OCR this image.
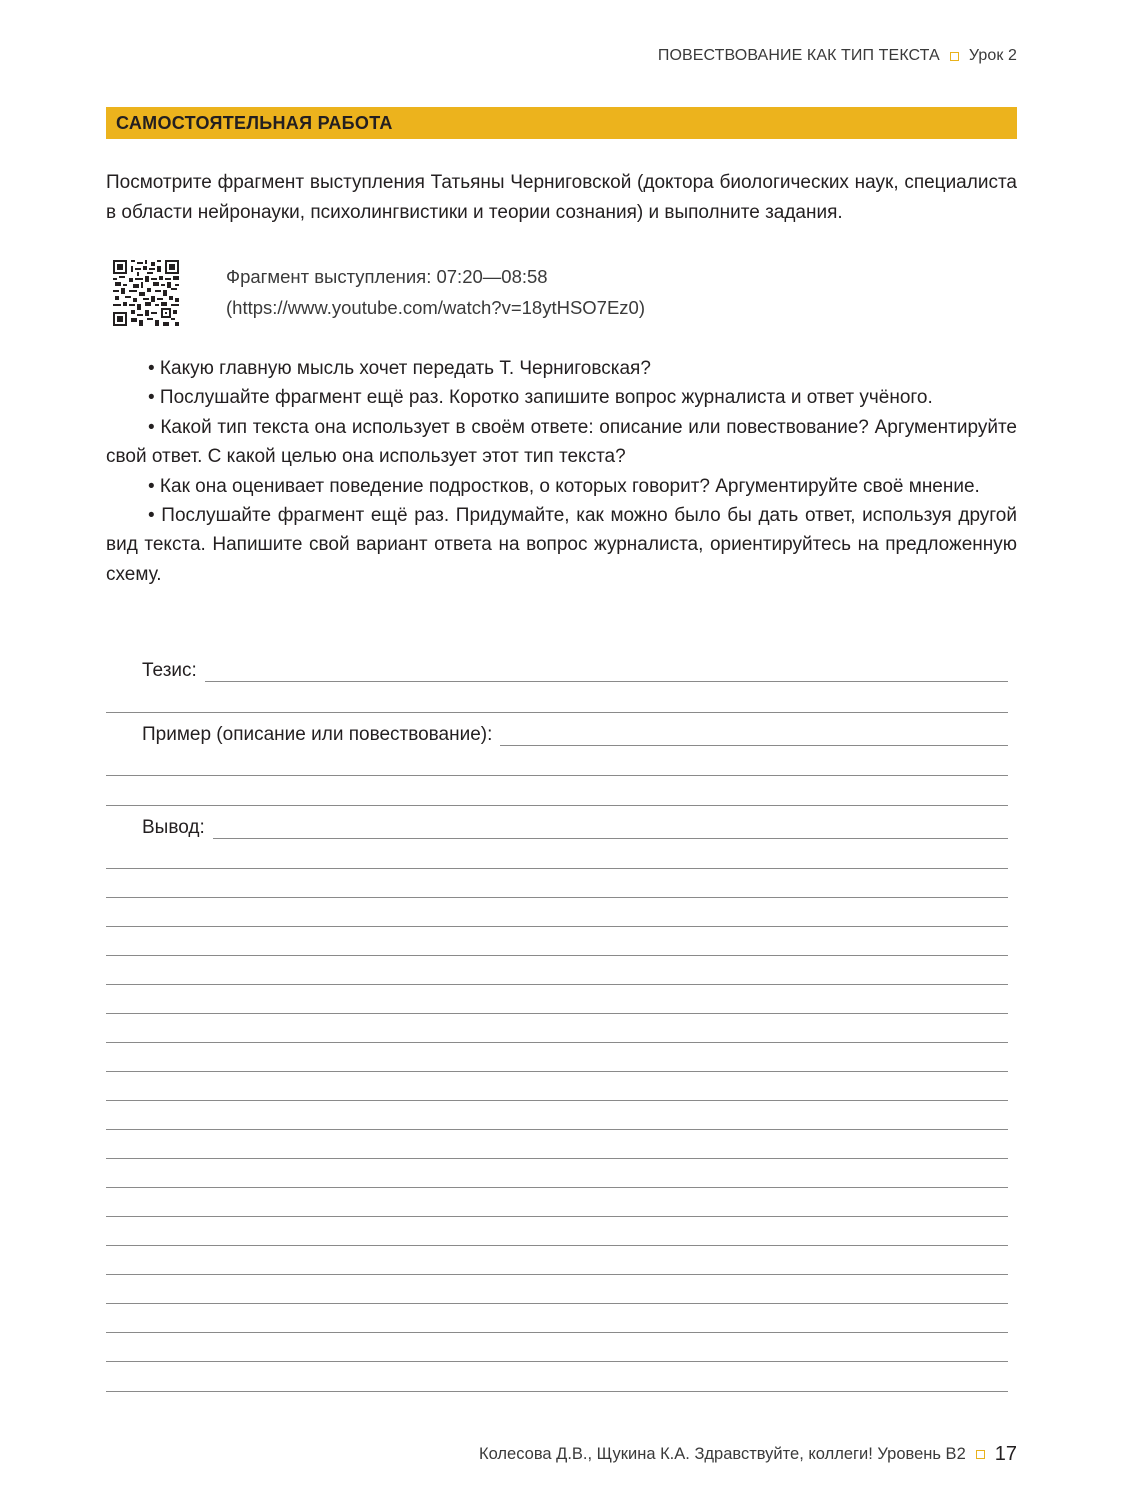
ПОВЕСТВОВАНИЕ КАК ТИП ТЕКСТА Урок 2
САМОСТОЯТЕЛЬНАЯ РАБОТА

Посмотрите фрагмент выступления Татьяны Черниговской (доктора биологических наук, специалиста в области нейронауки, психолингвистики и теории сознания) и выполните задания.

Фрагмент выступления: 07:20—08:58
(https://www.youtube.com/watch?v=18ytHSO7Ez0)

• Какую главную мысль хочет передать Т. Черниговская?

• Послушайте фрагмент ещё раз. Коротко запишите вопрос журналиста и ответ учёного.

• Какой тип текста она использует в своём ответе: описание или повествование? Аргументируйте свой ответ. С какой целью она использует этот тип текста?

• Как она оценивает поведение подростков, о которых говорит? Аргументируйте своё мнение.

• Послушайте фрагмент ещё раз. Придумайте, как можно было бы дать ответ, используя другой вид текста. Напишите свой вариант ответа на вопрос журналиста, ориентируйтесь на предложенную схему.

Тезис:
Пример (описание или повествование):
Вывод:
Колесова Д.В., Щукина К.А. Здравствуйте, коллеги! Уровень В2 17
